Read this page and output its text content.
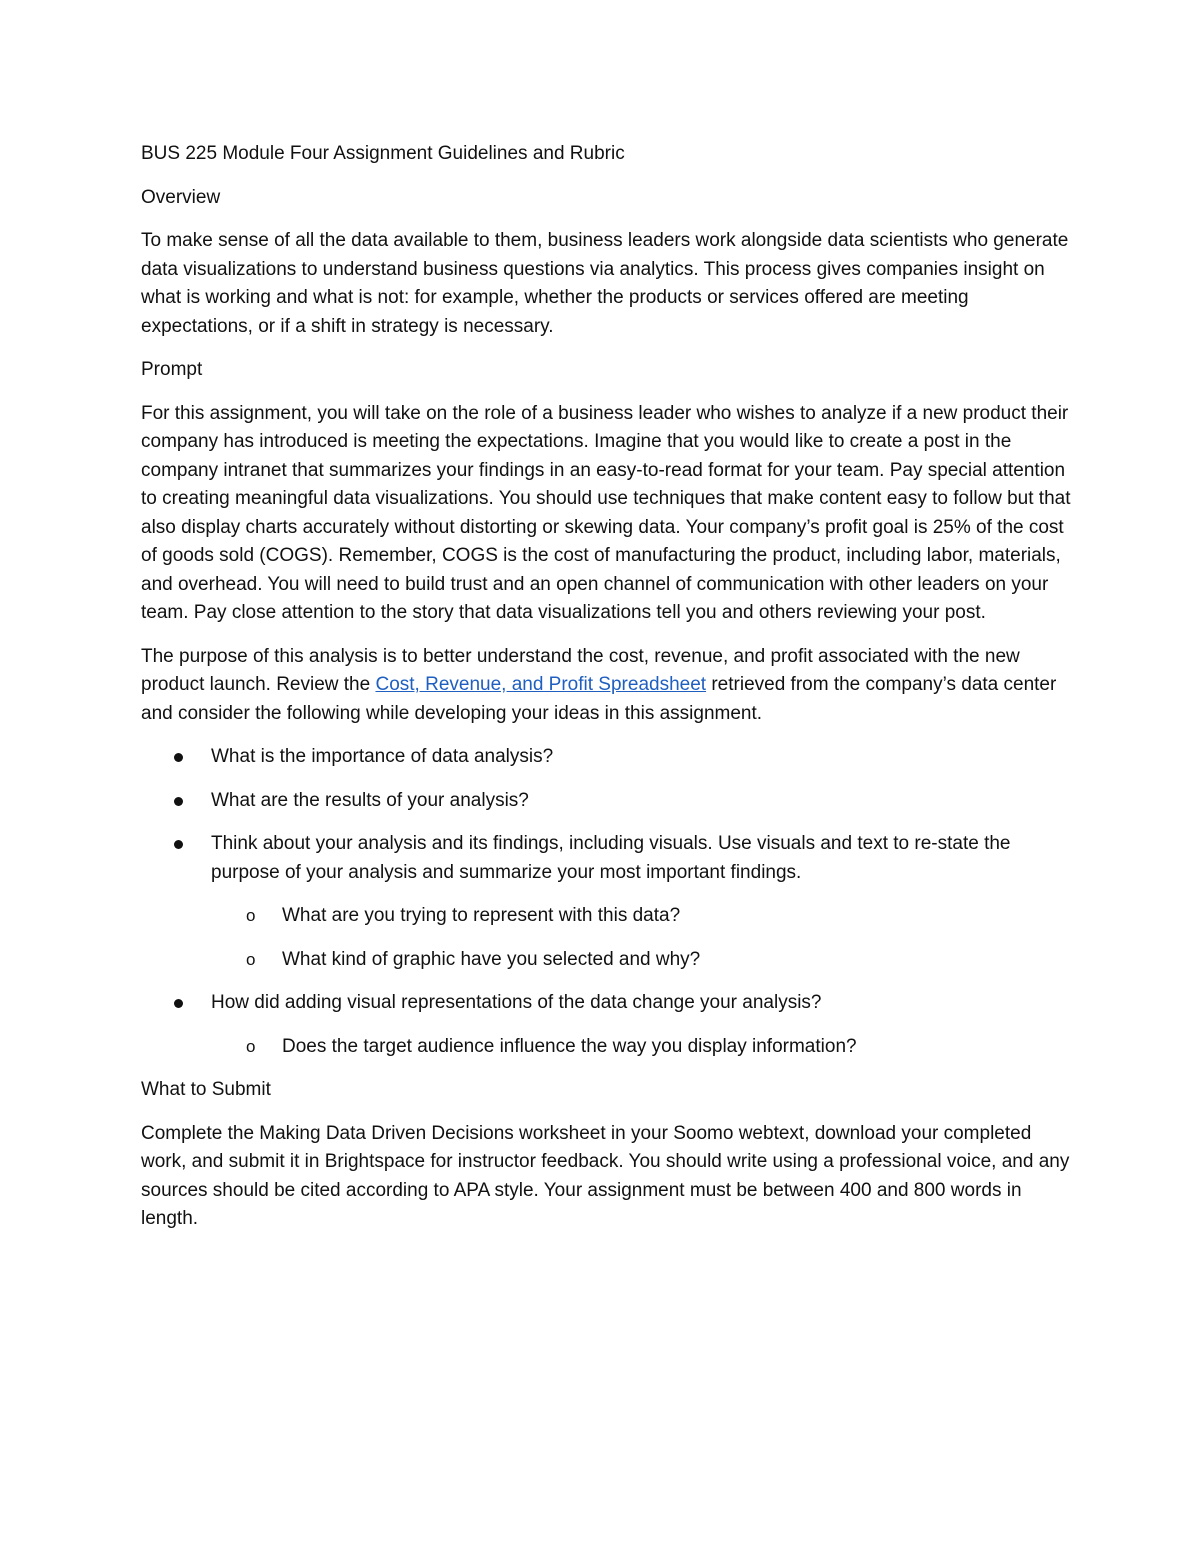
BUS 225 Module Four Assignment Guidelines and Rubric

Overview

To make sense of all the data available to them, business leaders work alongside data scientists who generate data visualizations to understand business questions via analytics. This process gives companies insight on what is working and what is not: for example, whether the products or services offered are meeting expectations, or if a shift in strategy is necessary.

Prompt

For this assignment, you will take on the role of a business leader who wishes to analyze if a new product their company has introduced is meeting the expectations. Imagine that you would like to create a post in the company intranet that summarizes your findings in an easy-to-read format for your team. Pay special attention to creating meaningful data visualizations. You should use techniques that make content easy to follow but that also display charts accurately without distorting or skewing data. Your company’s profit goal is 25% of the cost of goods sold (COGS). Remember, COGS is the cost of manufacturing the product, including labor, materials, and overhead. You will need to build trust and an open channel of communication with other leaders on your team. Pay close attention to the story that data visualizations tell you and others reviewing your post.

The purpose of this analysis is to better understand the cost, revenue, and profit associated with the new product launch. Review the Cost, Revenue, and Profit Spreadsheet retrieved from the company’s data center and consider the following while developing your ideas in this assignment.

What is the importance of data analysis?
What are the results of your analysis?
Think about your analysis and its findings, including visuals. Use visuals and text to re-state the purpose of your analysis and summarize your most important findings.
o What are you trying to represent with this data?
o What kind of graphic have you selected and why?
How did adding visual representations of the data change your analysis?
o Does the target audience influence the way you display information?

What to Submit

Complete the Making Data Driven Decisions worksheet in your Soomo webtext, download your completed work, and submit it in Brightspace for instructor feedback. You should write using a professional voice, and any sources should be cited according to APA style. Your assignment must be between 400 and 800 words in length.
